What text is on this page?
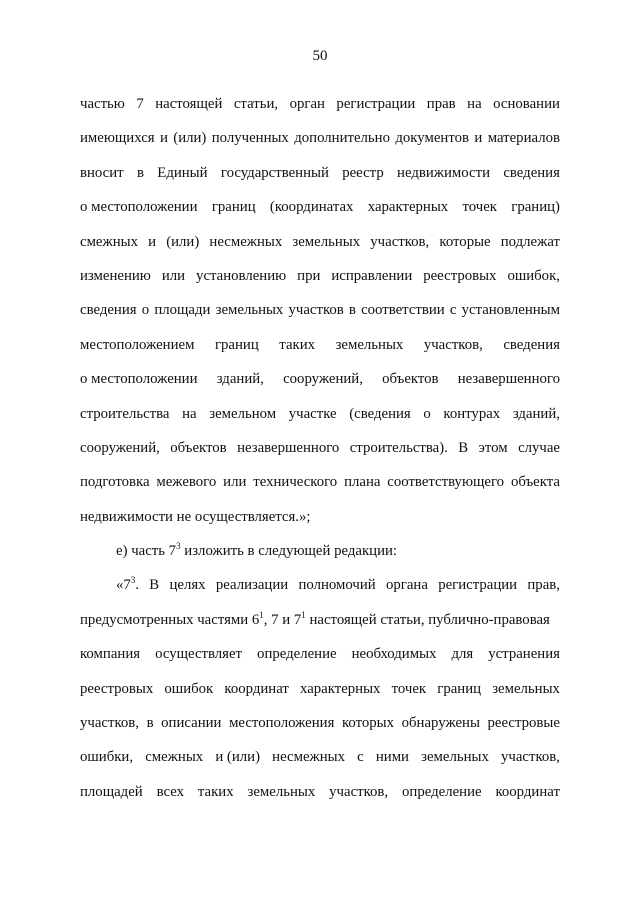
50
частью 7 настоящей статьи, орган регистрации прав на основании
имеющихся и (или) полученных дополнительно документов и материалов
вносит в Единый государственный реестр недвижимости сведения
о местоположении границ (координатах характерных точек границ)
смежных и (или) несмежных земельных участков, которые подлежат
изменению или установлению при исправлении реестровых ошибок,
сведения о площади земельных участков в соответствии с установленным
местоположением границ таких земельных участков, сведения
о местоположении зданий, сооружений, объектов незавершенного
строительства на земельном участке (сведения о контурах зданий,
сооружений, объектов незавершенного строительства). В этом случае
подготовка межевого или технического плана соответствующего объекта
недвижимости не осуществляется.»;
е) часть $7^3$ изложить в следующей редакции:
«$7^3$. В целях реализации полномочий органа регистрации прав,
предусмотренных частями $6^1$, 7 и $7^1$ настоящей статьи, публично-правовая
компания осуществляет определение необходимых для устранения
реестровых ошибок координат характерных точек границ земельных
участков, в описании местоположения которых обнаружены реестровые
ошибки, смежных и (или) несмежных с ними земельных участков,
площадей всех таких земельных участков, определение координат
